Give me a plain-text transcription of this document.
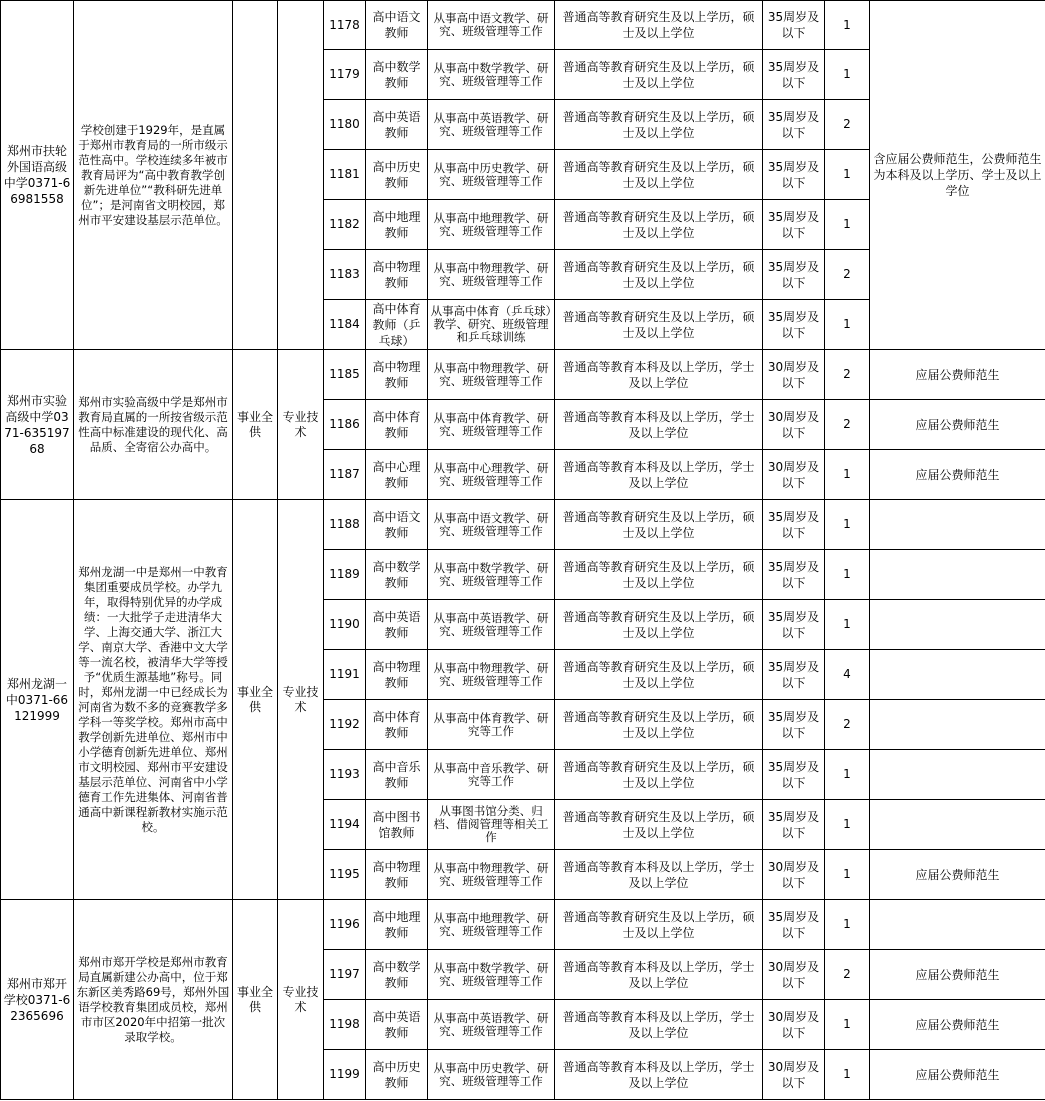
郑州市扶轮外国语高级中学0371-66981558	学校创建于1929年，是直属于郑州市教育局的一所市级示范性高中。学校连续多年被市教育局评为“高中教育教学创新先进单位”“教科研先进单位”；是河南省文明校园，郑州市平安建设基层示范单位。			1178	高中语文教师	从事高中语文教学、研究、班级管理等工作	普通高等教育研究生及以上学历，硕士及以上学位	35周岁及以下	1	含应届公费师范生，公费师范生为本科及以上学历、学士及以上学位
				1179	高中数学教师	从事高中数学教学、研究、班级管理等工作	普通高等教育研究生及以上学历，硕士及以上学位	35周岁及以下	1	
				1180	高中英语教师	从事高中英语教学、研究、班级管理等工作	普通高等教育研究生及以上学历，硕士及以上学位	35周岁及以下	2	
				1181	高中历史教师	从事高中历史教学、研究、班级管理等工作	普通高等教育研究生及以上学历，硕士及以上学位	35周岁及以下	1	
				1182	高中地理教师	从事高中地理教学、研究、班级管理等工作	普通高等教育研究生及以上学历，硕士及以上学位	35周岁及以下	1	
				1183	高中物理教师	从事高中物理教学、研究、班级管理等工作	普通高等教育研究生及以上学历，硕士及以上学位	35周岁及以下	2	
				1184	高中体育教师（乒乓球）	从事高中体育（乒乓球）教学、研究、班级管理和乒乓球训练	普通高等教育研究生及以上学历，硕士及以上学位	35周岁及以下	1	
郑州市实验高级中学0371-63519768	郑州市实验高级中学是郑州市教育局直属的一所按省级示范性高中标准建设的现代化、高品质、全寄宿公办高中。	事业全供	专业技术	1185	高中物理教师	从事高中物理教学、研究、班级管理等工作	普通高等教育本科及以上学历，学士及以上学位	30周岁及以下	2	应届公费师范生
				1186	高中体育教师	从事高中体育教学、研究、班级管理等工作	普通高等教育本科及以上学历，学士及以上学位	30周岁及以下	2	应届公费师范生
				1187	高中心理教师	从事高中心理教学、研究、班级管理等工作	普通高等教育本科及以上学历，学士及以上学位	30周岁及以下	1	应届公费师范生
郑州龙湖一中0371-66121999	郑州龙湖一中是郑州一中教育集团重要成员学校。办学九年，取得特别优异的办学成绩：一大批学子走进清华大学、上海交通大学、浙江大学、南京大学、香港中文大学等一流名校，被清华大学等授予“优质生源基地”称号。同时，郑州龙湖一中已经成长为河南省为数不多的竞赛教学多学科一等奖学校。郑州市高中教学创新先进单位、郑州市中小学德育创新先进单位、郑州市文明校园、郑州市平安建设基层示范单位、河南省中小学德育工作先进集体、河南省普通高中新课程新教材实施示范校。	事业全供	专业技术	1188	高中语文教师	从事高中语文教学、研究、班级管理等工作	普通高等教育研究生及以上学历，硕士及以上学位	35周岁及以下	1	
				1189	高中数学教师	从事高中数学教学、研究、班级管理等工作	普通高等教育研究生及以上学历，硕士及以上学位	35周岁及以下	1	
				1190	高中英语教师	从事高中英语教学、研究、班级管理等工作	普通高等教育研究生及以上学历，硕士及以上学位	35周岁及以下	1	
				1191	高中物理教师	从事高中物理教学、研究、班级管理等工作	普通高等教育研究生及以上学历，硕士及以上学位	35周岁及以下	4	
				1192	高中体育教师	从事高中体育教学、研究等工作	普通高等教育研究生及以上学历，硕士及以上学位	35周岁及以下	2	
				1193	高中音乐教师	从事高中音乐教学、研究等工作	普通高等教育研究生及以上学历，硕士及以上学位	35周岁及以下	1	
				1194	高中图书馆教师	从事图书馆分类、归档、借阅管理等相关工作	普通高等教育研究生及以上学历，硕士及以上学位	35周岁及以下	1	
				1195	高中物理教师	从事高中物理教学、研究、班级管理等工作	普通高等教育本科及以上学历，学士及以上学位	30周岁及以下	1	应届公费师范生
郑州市郑开学校0371-62365696	郑州市郑开学校是郑州市教育局直属新建公办高中，位于郑东新区美秀路69号，郑州外国语学校教育集团成员校，郑州市市区2020年中招第一批次录取学校。	事业全供	专业技术	1196	高中地理教师	从事高中地理教学、研究、班级管理等工作	普通高等教育研究生及以上学历，硕士及以上学位	35周岁及以下	1	
				1197	高中数学教师	从事高中数学教学、研究、班级管理等工作	普通高等教育本科及以上学历，学士及以上学位	30周岁及以下	2	应届公费师范生
				1198	高中英语教师	从事高中英语教学、研究、班级管理等工作	普通高等教育本科及以上学历，学士及以上学位	30周岁及以下	1	应届公费师范生
				1199	高中历史教师	从事高中历史教学、研究、班级管理等工作	普通高等教育本科及以上学历，学士及以上学位	30周岁及以下	1	应届公费师范生
